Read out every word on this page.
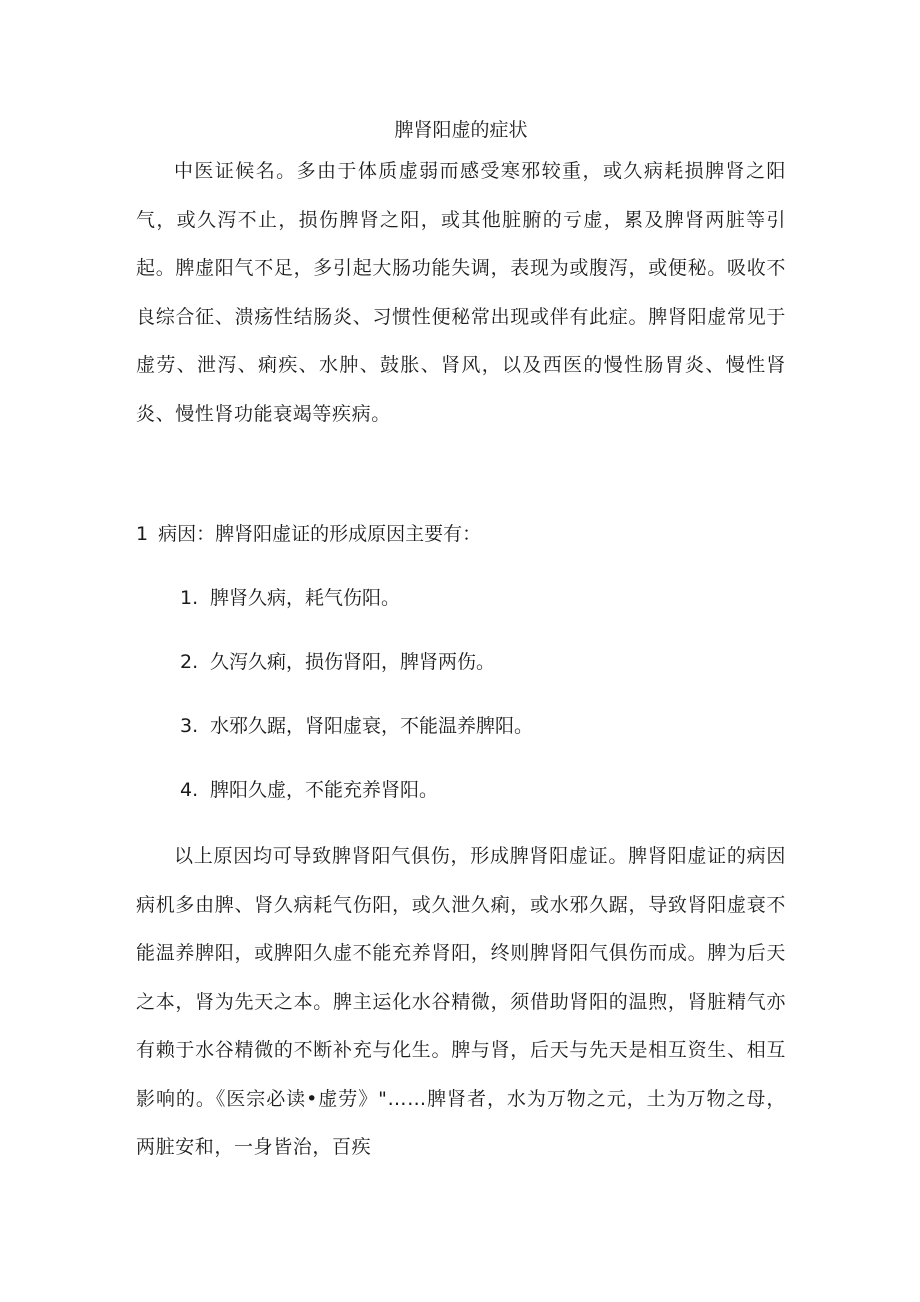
脾肾阳虚的症状

中医证候名。多由于体质虚弱而感受寒邪较重，或久病耗损脾肾之阳气，或久泻不止，损伤脾肾之阳，或其他脏腑的亏虚，累及脾肾两脏等引起。脾虚阳气不足，多引起大肠功能失调，表现为或腹泻，或便秘。吸收不良综合征、溃疡性结肠炎、习惯性便秘常出现或伴有此症。脾肾阳虚常见于虚劳、泄泻、痢疾、水肿、鼓胀、肾风，以及西医的慢性肠胃炎、慢性肾炎、慢性肾功能衰竭等疾病。

1 病因：脾肾阳虚证的形成原因主要有：
1. 脾肾久病，耗气伤阳。
2. 久泻久痢，损伤肾阳，脾肾两伤。
3. 水邪久踞，肾阳虚衰，不能温养脾阳。
4. 脾阳久虚，不能充养肾阳。

以上原因均可导致脾肾阳气俱伤，形成脾肾阳虚证。脾肾阳虚证的病因病机多由脾、肾久病耗气伤阳，或久泄久痢，或水邪久踞，导致肾阳虚衰不能温养脾阳，或脾阳久虚不能充养肾阳，终则脾肾阳气俱伤而成。脾为后天之本，肾为先天之本。脾主运化水谷精微，须借助肾阳的温煦，肾脏精气亦有赖于水谷精微的不断补充与化生。脾与肾，后天与先天是相互资生、相互影响的。《医宗必读•虚劳》"……脾肾者，水为万物之元，土为万物之母，两脏安和，一身皆治，百疾
